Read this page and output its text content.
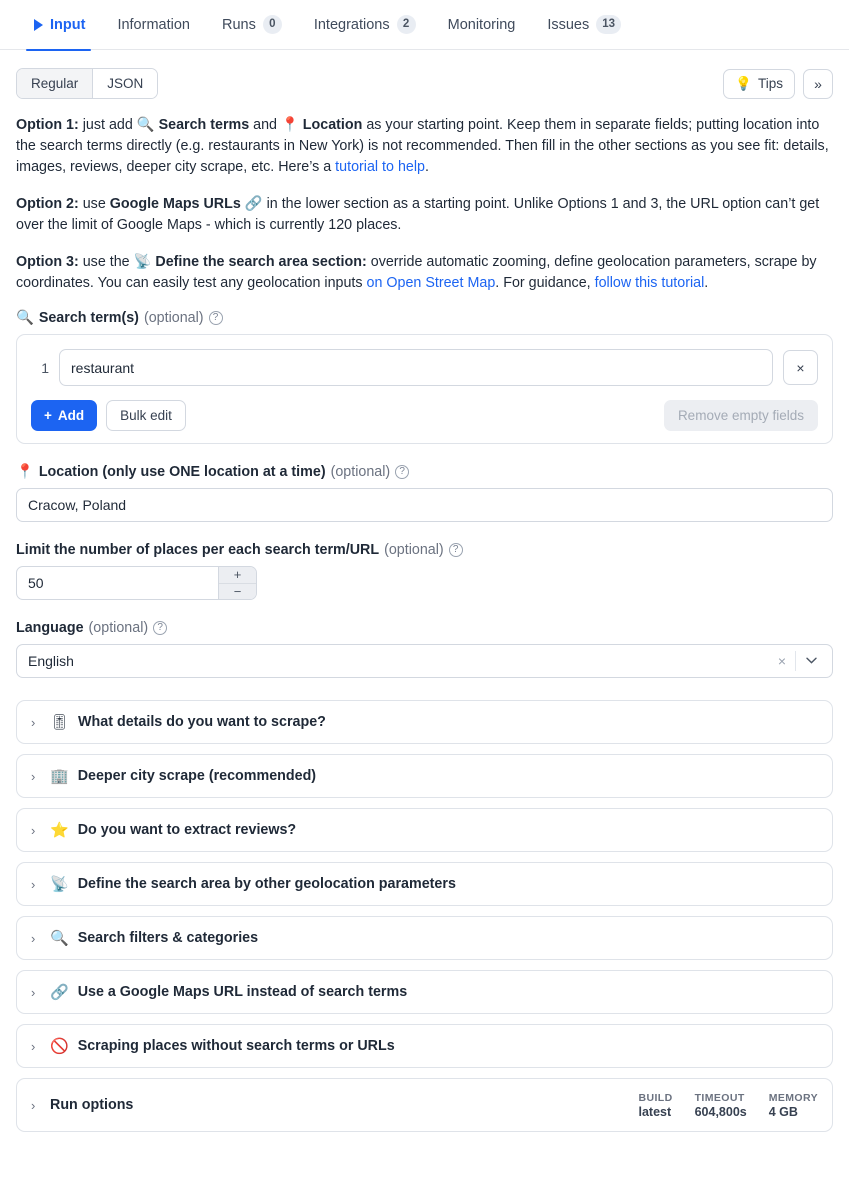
Input Information Runs	0	Integrations	2	Monitoring Issues	13
Regular	JSON	💡 Tips »

Option 1: just add 🔍 Search terms and 📍 Location as your starting point. Keep them in separate fields; putting location into the search terms directly (e.g. restaurants in New York) is not recommended. Then fill in the other sections as you see fit: details, images, reviews, deeper city scrape, etc. Here’s a tutorial to help.

Option 2: use Google Maps URLs 🔗 in the lower section as a starting point. Unlike Options 1 and 3, the URL option can’t get over the limit of Google Maps - which is currently 120 places.

Option 3: use the 📡 Define the search area section: override automatic zooming, define geolocation parameters, scrape by coordinates. You can easily test any geolocation inputs on Open Street Map. For guidance, follow this tutorial.

🔍 Search term(s) (optional) ?
1
restaurant	×
+ Add	Bulk edit	Remove empty fields
📍 Location (only use ONE location at a time) (optional) ?
Cracow, Poland
Limit the number of places per each search term/URL (optional) ?
50
+
−
Language (optional) ?
English	×
› 🎚 What details do you want to scrape?
› 🏢 Deeper city scrape (recommended)
› ⭐ Do you want to extract reviews?
› 📡 Define the search area by other geolocation parameters
› 🔍 Search filters & categories
› 🔗 Use a Google Maps URL instead of search terms
› 🚫 Scraping places without search terms or URLs
›	Run options	BUILD
latest
TIMEOUT
604,800s
MEMORY
4 GB
